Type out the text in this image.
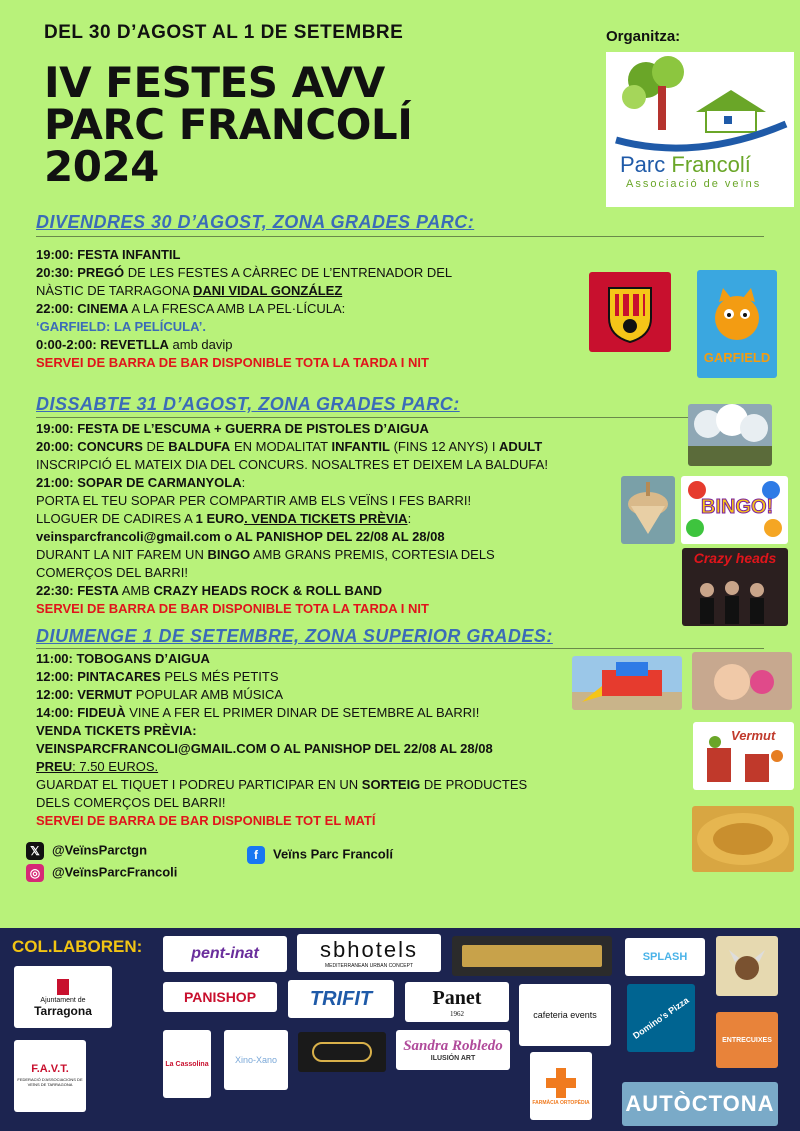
DEL 30 D’AGOST AL 1 DE SETEMBRE
IV FESTES AVV
PARC FRANCOLÍ
2024
Organitza:
Parc Francolí
Associació de veïns
DIVENDRES 30 D’AGOST, ZONA GRADES PARC:
19:00: FESTA INFANTIL
20:30: PREGÓ DE LES FESTES A CÀRREC DE L’ENTRENADOR DEL
NÀSTIC DE TARRAGONA DANI VIDAL GONZÁLEZ
22:00: CINEMA A LA FRESCA AMB LA PEL·LÍCULA:
‘GARFIELD: LA PELÍCULA’.
0:00-2:00: REVETLLA amb davip
SERVEI DE BARRA DE BAR DISPONIBLE TOTA LA TARDA I NIT	GARFIELD
DISSABTE 31 D’AGOST, ZONA GRADES PARC:
19:00: FESTA DE L’ESCUMA + GUERRA DE PISTOLES D’AIGUA
20:00: CONCURS DE BALDUFA EN MODALITAT INFANTIL (FINS 12 ANYS) I ADULT
INSCRIPCIÓ EL MATEIX DIA DEL CONCURS. NOSALTRES ET DEIXEM LA BALDUFA!
21:00: SOPAR DE CARMANYOLA:
PORTA EL TEU SOPAR PER COMPARTIR AMB ELS VEÏNS I FES BARRI!
LLOGUER DE CADIRES A 1 EURO. VENDA TICKETS PRÈVIA:
veinsparcfrancoli@gmail.com o AL PANISHOP DEL 22/08 AL 28/08
DURANT LA NIT FAREM UN BINGO AMB GRANS PREMIS, CORTESIA DELS
COMERÇOS DEL BARRI!
22:30: FESTA AMB CRAZY HEADS ROCK & ROLL BAND
SERVEI DE BARRA DE BAR DISPONIBLE TOTA LA TARDA I NIT
BINGO!
Crazy heads
DIUMENGE 1 DE SETEMBRE, ZONA SUPERIOR GRADES:
11:00: TOBOGANS D’AIGUA
12:00: PINTACARES PELS MÉS PETITS
12:00: VERMUT POPULAR AMB MÚSICA
14:00: FIDEUÀ VINE A FER EL PRIMER DINAR DE SETEMBRE AL BARRI!
VENDA TICKETS PRÈVIA:
VEINSPARCFRANCOLI@GMAIL.COM O AL PANISHOP DEL 22/08 AL 28/08
PREU: 7.50 EUROS.
GUARDAT EL TIQUET I PODREU PARTICIPAR EN UN SORTEIG DE PRODUCTES
DELS COMERÇOS DEL BARRI!
SERVEI DE BARRA DE BAR DISPONIBLE TOT EL MATÍ
Vermut
𝕏 @VeïnsParctgn
◎ @VeïnsParcFrancoli
f Veïns Parc Francolí
COL.LABOREN:
Ajuntament de
Tarragona
F.A.V.T.
FEDERACIÓ D'ASSOCIACIONS DE VEÏNS DE TARRAGONA
pent-inat	sbhotels
MEDITERRANEAN URBAN CONCEPT
SPLASH
PANISHOP	TRIFIT	Panet
1962	cafeteria events	Domino's Pizza	ENTRECUIXES
La Cassolina	Xino-Xano
Sandra Robledo
ILUSIÓN ART
FARMÀCIA ORTOPÈDIA AUTÒCTONA
